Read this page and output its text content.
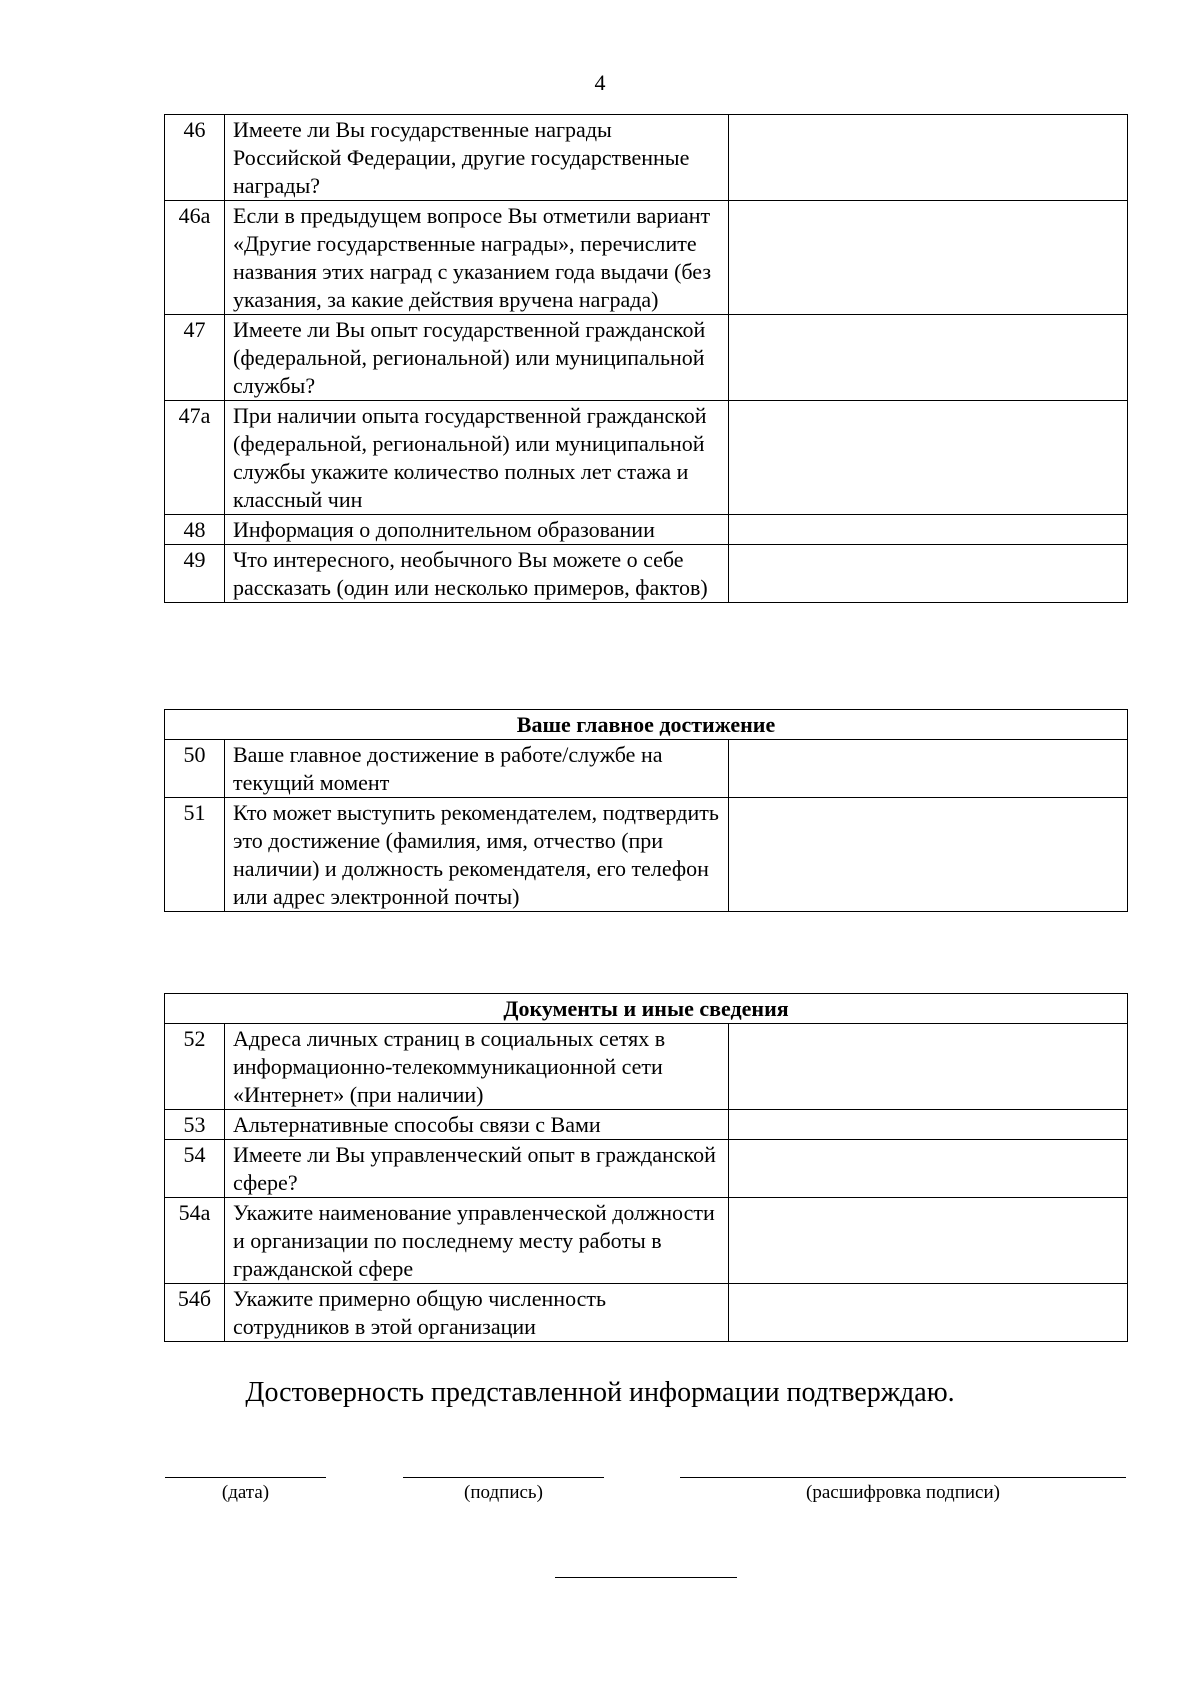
4
46	Имеете ли Вы государственные награды Российской Федерации, другие государственные награды?	
46а	Если в предыдущем вопросе Вы отметили вариант «Другие государственные награды», перечислите названия этих наград с указанием года выдачи (без указания, за какие действия вручена награда)	
47	Имеете ли Вы опыт государственной гражданской (федеральной, региональной) или муниципальной службы?	
47а	При наличии опыта государственной гражданской (федеральной, региональной) или муниципальной службы укажите количество полных лет стажа и классный чин	
48	Информация о дополнительном образовании	
49	Что интересного, необычного Вы можете о себе рассказать (один или несколько примеров, фактов)	
Ваше главное достижение		
50	Ваше главное достижение в работе/службе на текущий момент	
51	Кто может выступить рекомендателем, подтвердить это достижение (фамилия, имя, отчество (при наличии) и должность рекомендателя, его телефон или адрес электронной почты)	
Документы и иные сведения		
52	Адреса личных страниц в социальных сетях в информационно-телекоммуникационной сети «Интернет» (при наличии)	
53	Альтернативные способы связи с Вами	
54	Имеете ли Вы управленческий опыт в гражданской сфере?	
54а	Укажите наименование управленческой должности и организации по последнему месту работы в гражданской сфере	
54б	Укажите примерно общую численность сотрудников в этой организации	
Достоверность представленной информации подтверждаю.
(дата)	(подпись)	(расшифровка подписи)
